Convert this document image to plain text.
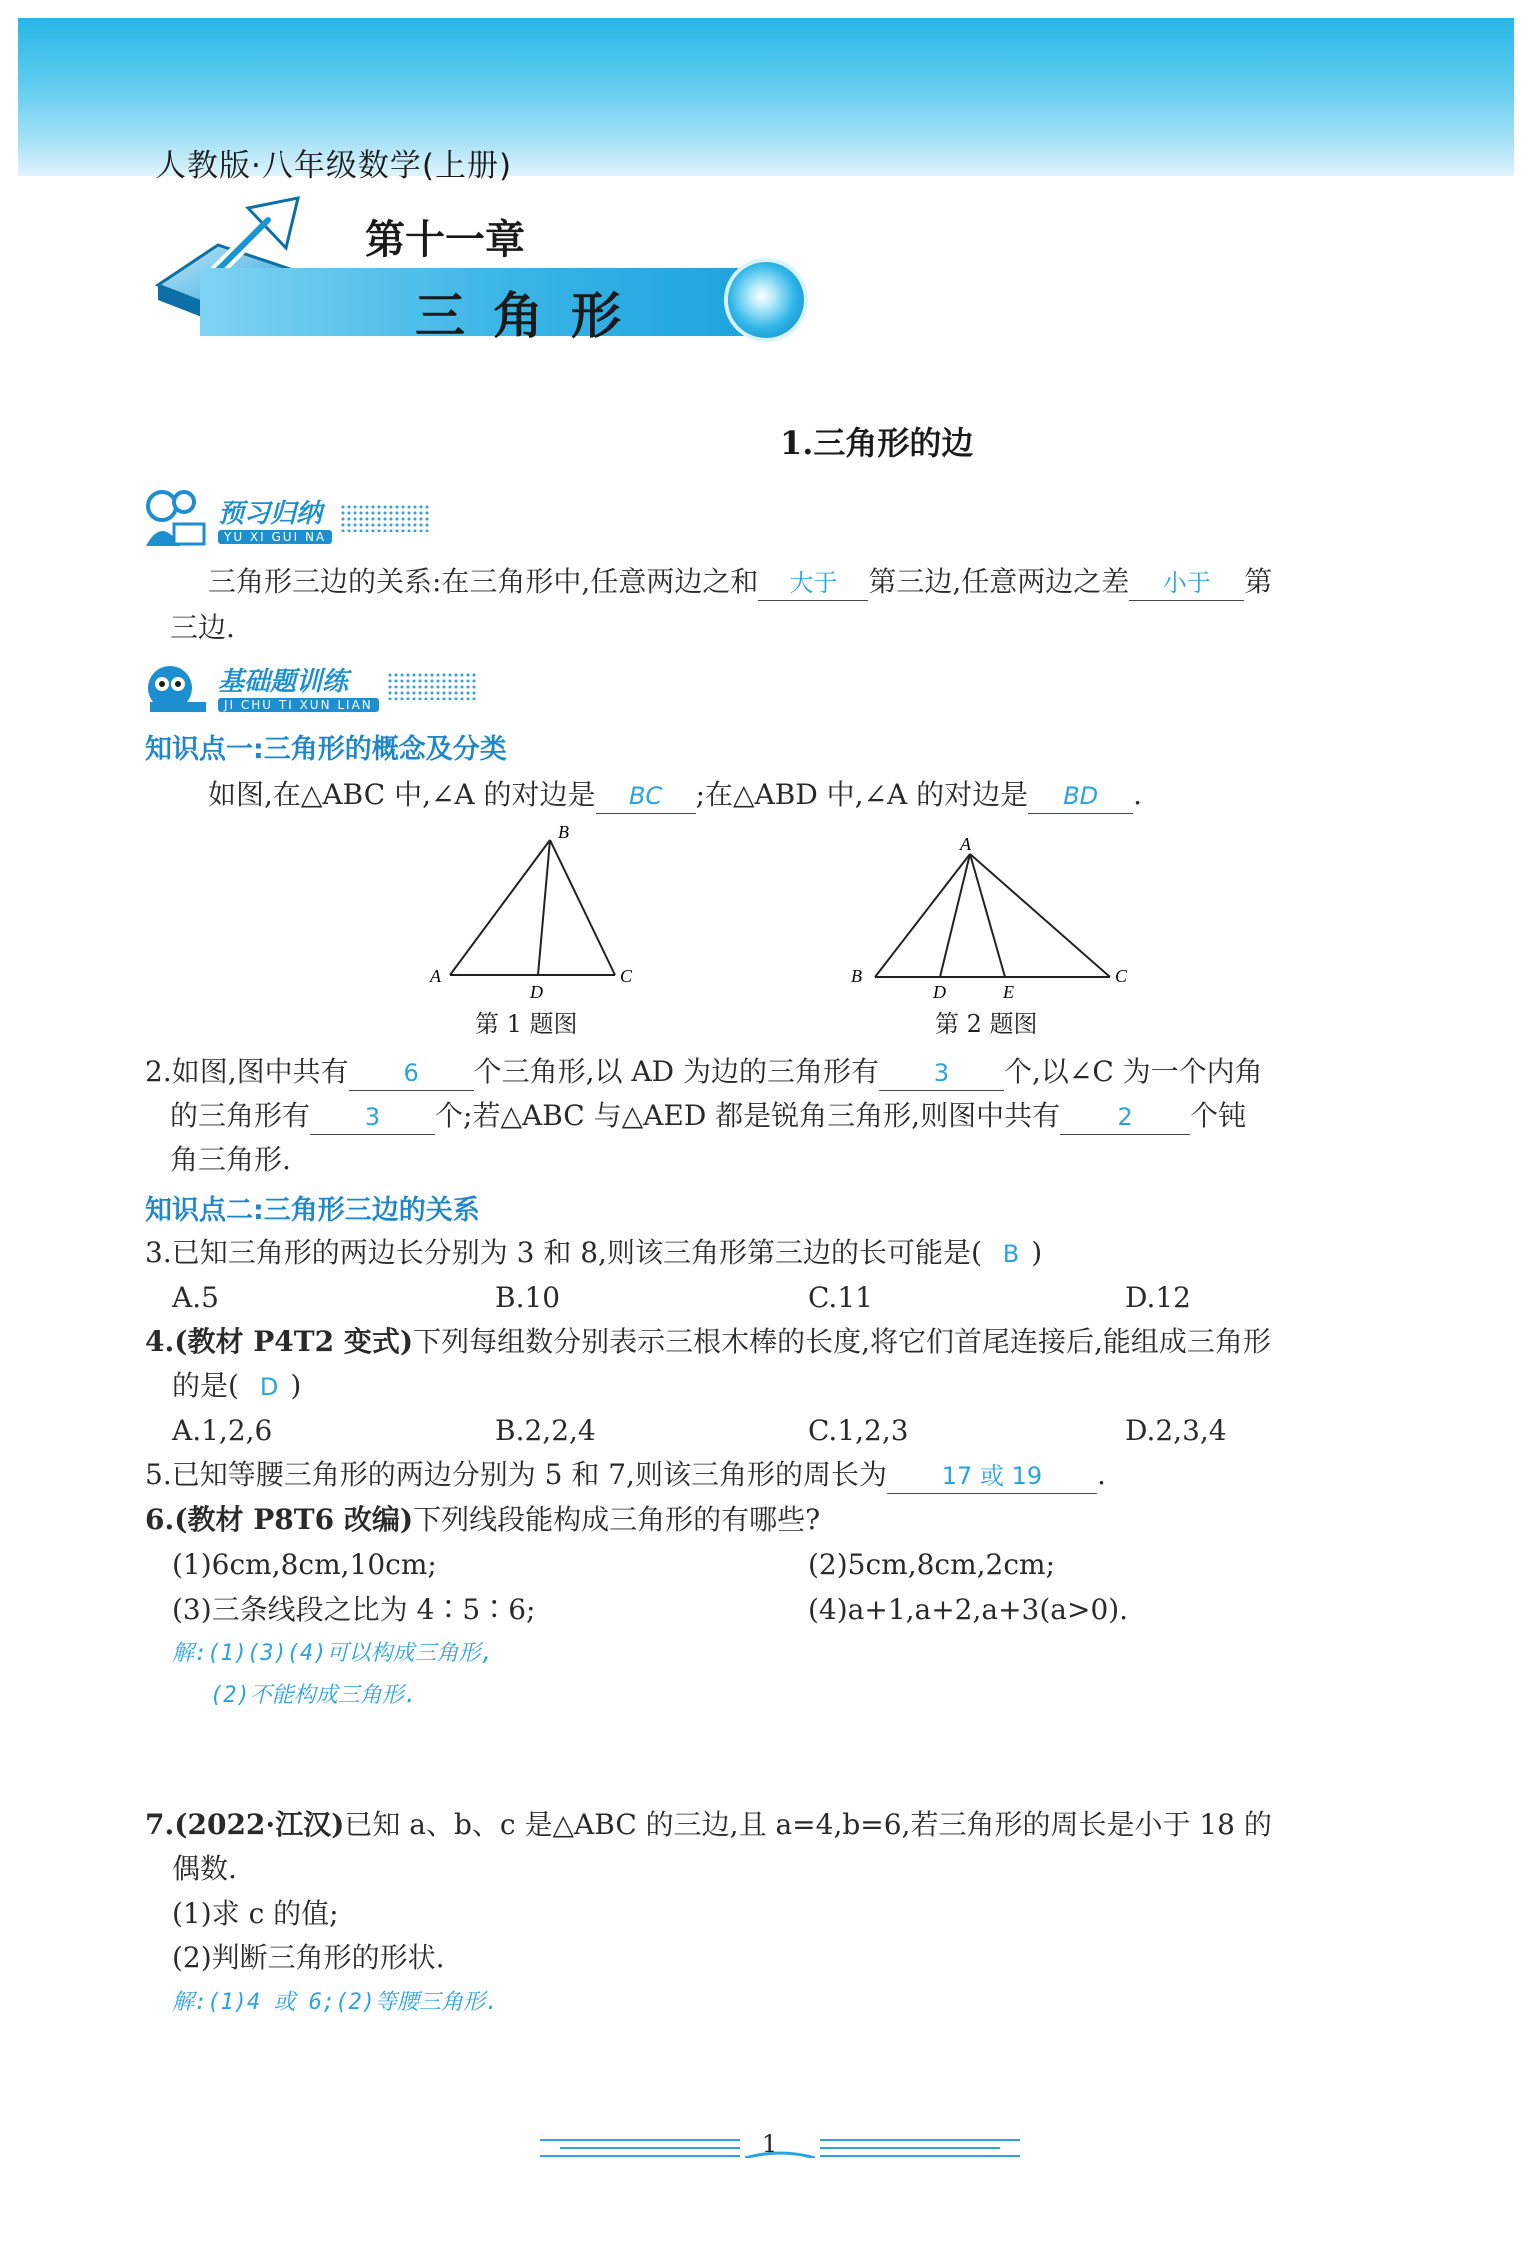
人教版·八年级数学(上册)
第十一章
三角形
1.三角形的边
预习归纳
YU XI GUI NA
三角形三边的关系:在三角形中,任意两边之和 大于 第三边,任意两边之差 小于 第
三边.
基础题训练
JI CHU TI XUN LIAN
知识点一:三角形的概念及分类
如图,在△ABC 中,∠A 的对边是 BC ;在△ABD 中,∠A 的对边是 BD .
B
A	C
D
第 1 题图
A
B	C
D	E
第 2 题图
2.如图,图中共有 6 个三角形,以 AD 为边的三角形有 3 个,以∠C 为一个内角
的三角形有 3 个;若△ABC 与△AED 都是锐角三角形,则图中共有 2 个钝
角三角形.
知识点二:三角形三边的关系
3.已知三角形的两边长分别为 3 和 8,则该三角形第三边的长可能是( B )
A.5	B.10	C.11	D.12
4.(教材 P4T2 变式)下列每组数分别表示三根木棒的长度,将它们首尾连接后,能组成三角形
的是( D )
A.1,2,6	B.2,2,4	C.1,2,3	D.2,3,4
5.已知等腰三角形的两边分别为 5 和 7,则该三角形的周长为 17 或 19 .
6.(教材 P8T6 改编)下列线段能构成三角形的有哪些?
(1)6cm,8cm,10cm;	(2)5cm,8cm,2cm;
(3)三条线段之比为 4∶5∶6;	(4)a+1,a+2,a+3(a>0).
解:(1)(3)(4)可以构成三角形,
(2)不能构成三角形.
7.(2022·江汉)已知 a、b、c 是△ABC 的三边,且 a=4,b=6,若三角形的周长是小于 18 的
偶数.
(1)求 c 的值;
(2)判断三角形的形状.
解:(1)4 或 6;(2)等腰三角形.
1
